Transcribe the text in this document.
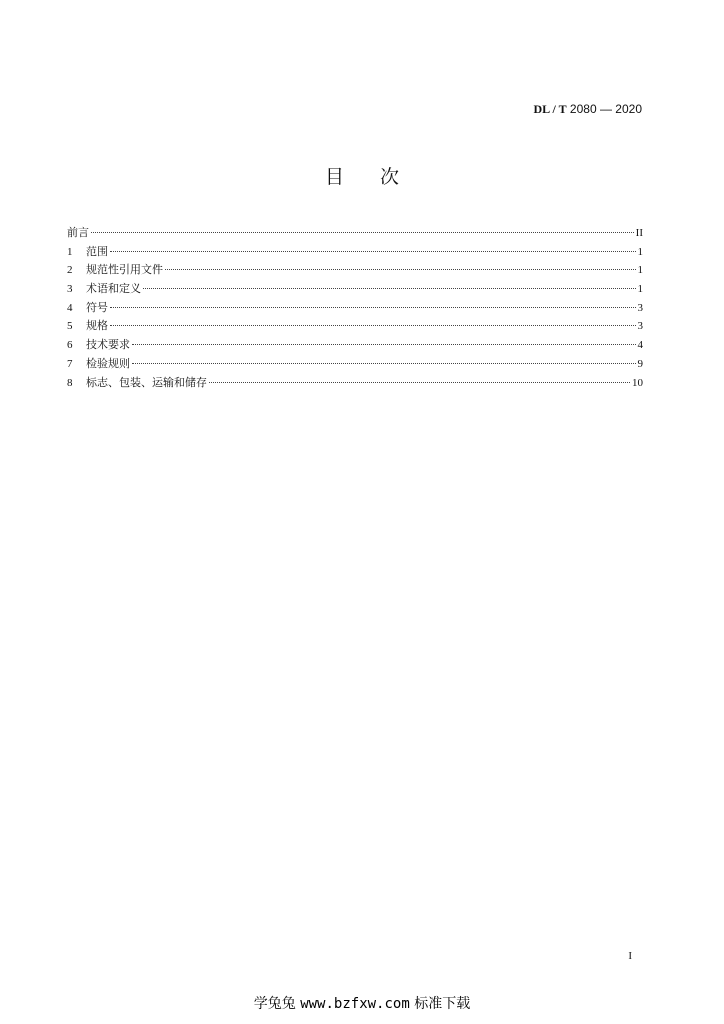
DL / T 2080 — 2020
目次
前言	II
1	范围	1
2	规范性引用文件	1
3	术语和定义	1
4	符号	3
5	规格	3
6	技术要求	4
7	检验规则	9
8	标志、包装、运输和储存	10
I
学兔兔 www.bzfxw.com 标准下载
